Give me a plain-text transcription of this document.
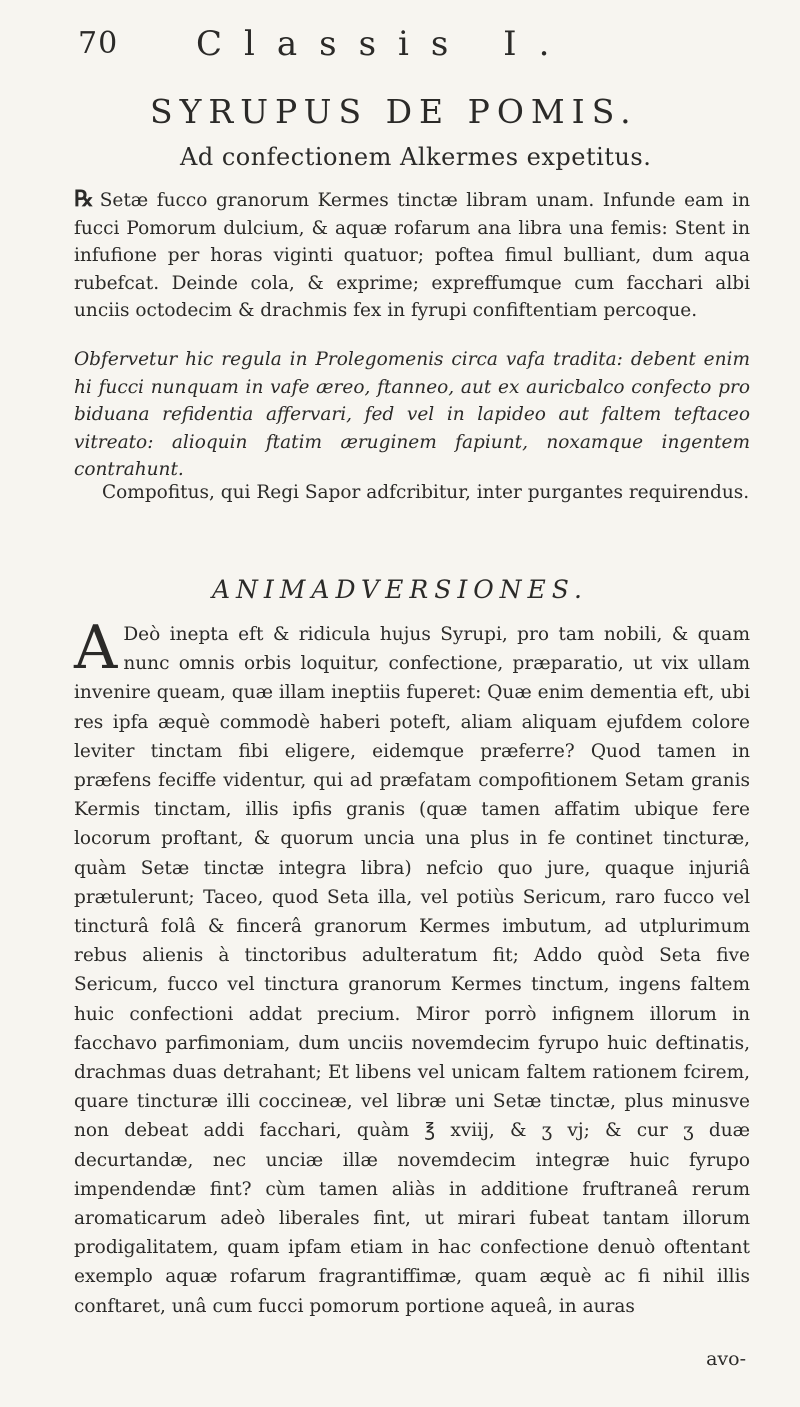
70 Classis I.
SYRUPUS DE POMIS.
Ad confectionem Alkermes expetitus.

℞ Setæ fucco granorum Kermes tinctæ libram unam. Infunde eam in fucci Pomorum dulcium, & aquæ rofarum ana libra una femis: Stent in infufione per horas viginti quatuor; poftea fimul bulliant, dum aqua rubefcat. Deinde cola, & exprime; expreffumque cum facchari albi unciis octodecim & drachmis fex in fyrupi confiftentiam percoque.

Obfervetur hic regula in Prolegomenis circa vafa tradita: debent enim hi fucci nunquam in vafe æreo, ftanneo, aut ex auricbalco confecto pro biduana refidentia affervari, fed vel in lapideo aut faltem teftaceo vitreato: alioquin ftatim æruginem fapiunt, noxamque ingentem contrahunt.

Compofitus, qui Regi Sapor adfcribitur, inter purgantes requirendus.

ANIMADVERSIONES.

A Deò inepta eft & ridicula hujus Syrupi, pro tam nobili, & quam nunc omnis orbis loquitur, confectione, præparatio, ut vix ullam invenire queam, quæ illam ineptiis fuperet: Quæ enim dementia eft, ubi res ipfa æquè commodè haberi poteft, aliam aliquam ejufdem colore leviter tinctam fibi eligere, eidemque præferre? Quod tamen in præfens feciffe videntur, qui ad præfatam compofitionem Setam granis Kermis tinctam, illis ipfis granis (quæ tamen affatim ubique fere locorum proftant, & quorum uncia una plus in fe continet tincturæ, quàm Setæ tinctæ integra libra) nefcio quo jure, quaque injuriâ prætulerunt; Taceo, quod Seta illa, vel potiùs Sericum, raro fucco vel tincturâ folâ & fincerâ granorum Kermes imbutum, ad utplurimum rebus alienis à tinctoribus adulteratum fit; Addo quòd Seta five Sericum, fucco vel tinctura granorum Kermes tinctum, ingens faltem huic confectioni addat precium. Miror porrò infignem illorum in facchavo parfimoniam, dum unciis novemdecim fyrupo huic deftinatis, drachmas duas detrahant; Et libens vel unicam faltem rationem fcirem, quare tincturæ illi coccineæ, vel libræ uni Setæ tinctæ, plus minusve non debeat addi facchari, quàm ℥ xviij, & ʒ vj; & cur ʒ duæ decurtandæ, nec unciæ illæ novemdecim integræ huic fyrupo impendendæ fint? cùm tamen aliàs in additione fruftraneâ rerum aromaticarum adeò liberales fint, ut mirari fubeat tantam illorum prodigalitatem, quam ipfam etiam in hac confectione denuò oftentant exemplo aquæ rofarum fragrantiffimæ, quam æquè ac fi nihil illis conftaret, unâ cum fucci pomorum portione aqueâ, in auras

avo-
